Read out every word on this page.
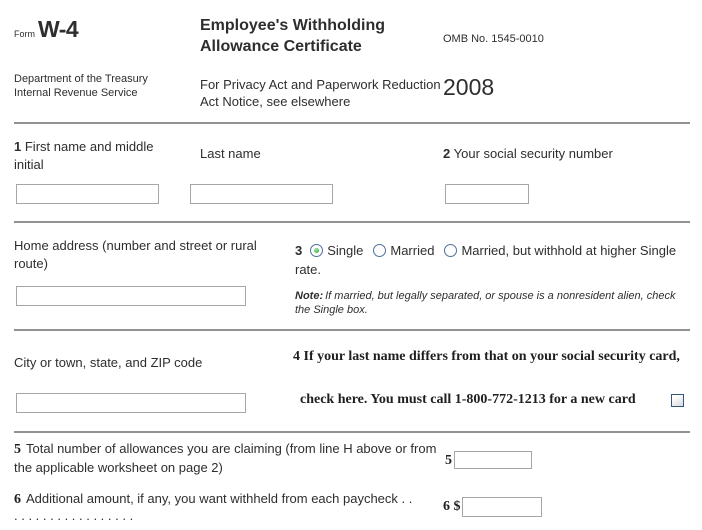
Form W-4	Employee's Withholding Allowance Certificate	OMB No. 1545-0010
Department of the Treasury Internal Revenue Service
For Privacy Act and Paperwork Reduction Act Notice, see elsewhere
2008
1 First name and middle initial
Last name	2 Your social security number
Home address (number and street or rural route)
3 Single Married Married, but withhold at higher Single rate.
Note: If married, but legally separated, or spouse is a nonresident alien, check the Single box.
City or town, state, and ZIP code	4 If your last name differs from that on your social security card,
check here. You must call 1-800-772-1213 for a new card
5 Total number of allowances you are claiming (from line H above or from the applicable worksheet on page 2)	5
6 Additional amount, if any, you want withheld from each paycheck . .
. . . . . . . . . . . . . . . . .
6 $
